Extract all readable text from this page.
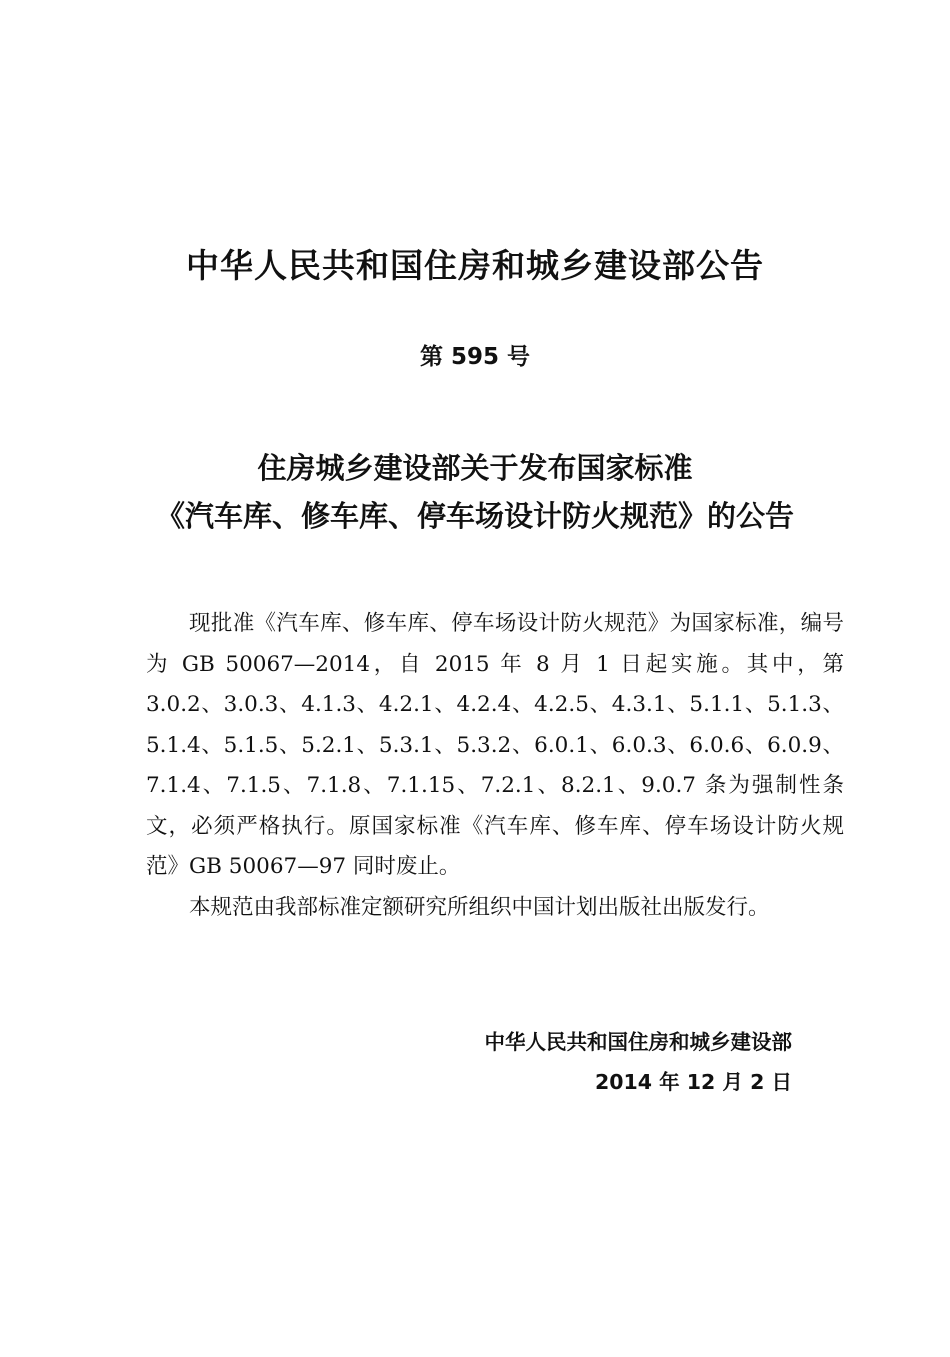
中华人民共和国住房和城乡建设部公告
第 595 号
住房城乡建设部关于发布国家标准
《汽车库、修车库、停车场设计防火规范》的公告

现批准《汽车库、修车库、停车场设计防火规范》为国家标准，编号为 GB 50067—2014，自 2015 年 8 月 1 日起实施。其中，第 3.0.2、3.0.3、4.1.3、4.2.1、4.2.4、4.2.5、4.3.1、5.1.1、5.1.3、5.1.4、5.1.5、5.2.1、5.3.1、5.3.2、6.0.1、6.0.3、6.0.6、6.0.9、7.1.4、7.1.5、7.1.8、7.1.15、7.2.1、8.2.1、9.0.7 条为强制性条文，必须严格执行。原国家标准《汽车库、修车库、停车场设计防火规范》GB 50067—97 同时废止。

本规范由我部标准定额研究所组织中国计划出版社出版发行。

中华人民共和国住房和城乡建设部
2014 年 12 月 2 日
